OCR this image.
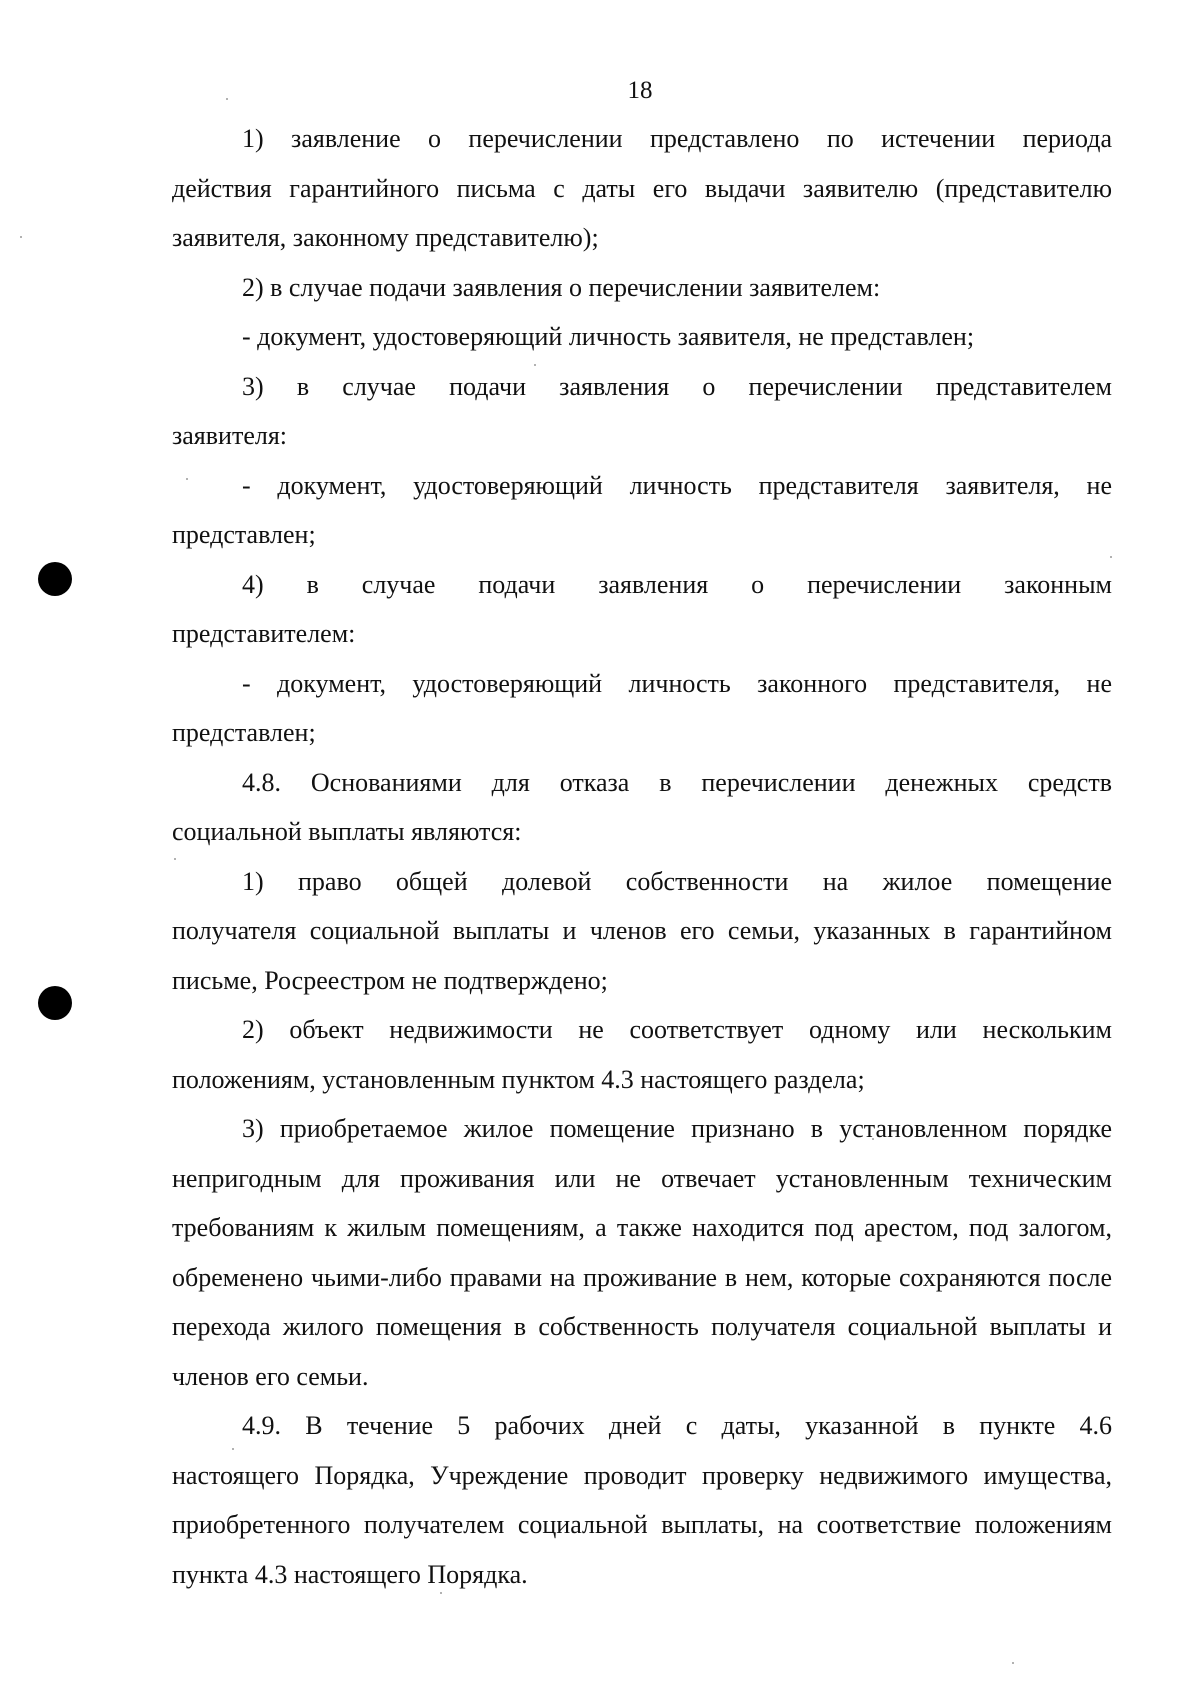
18

1) заявление о перечислении представлено по истечении периода
действия гарантийного письма с даты его выдачи заявителю (представителю заявителя, законному представителю);

2) в случае подачи заявления о перечислении заявителем:

- документ, удостоверяющий личность заявителя, не представлен;

3) в случае подачи заявления о перечислении представителем
заявителя:

- документ, удостоверяющий личность представителя заявителя, не
представлен;

4) в случае подачи заявления о перечислении законным
представителем:

- документ, удостоверяющий личность законного представителя, не
представлен;

4.8. Основаниями для отказа в перечислении денежных средств
социальной выплаты являются:

1) право общей долевой собственности на жилое помещение
получателя социальной выплаты и членов его семьи, указанных в гарантийном письме, Росреестром не подтверждено;

2) объект недвижимости не соответствует одному или нескольким
положениям, установленным пунктом 4.3 настоящего раздела;

3) приобретаемое жилое помещение признано в установленном порядке
непригодным для проживания или не отвечает установленным техническим требованиям к жилым помещениям, а также находится под арестом, под залогом, обременено чьими-либо правами на проживание в нем, которые сохраняются после перехода жилого помещения в собственность получателя социальной выплаты и членов его семьи.

4.9. В течение 5 рабочих дней с даты, указанной в пункте 4.6
настоящего Порядка, Учреждение проводит проверку недвижимого имущества, приобретенного получателем социальной выплаты, на соответствие положениям пункта 4.3 настоящего Порядка.
